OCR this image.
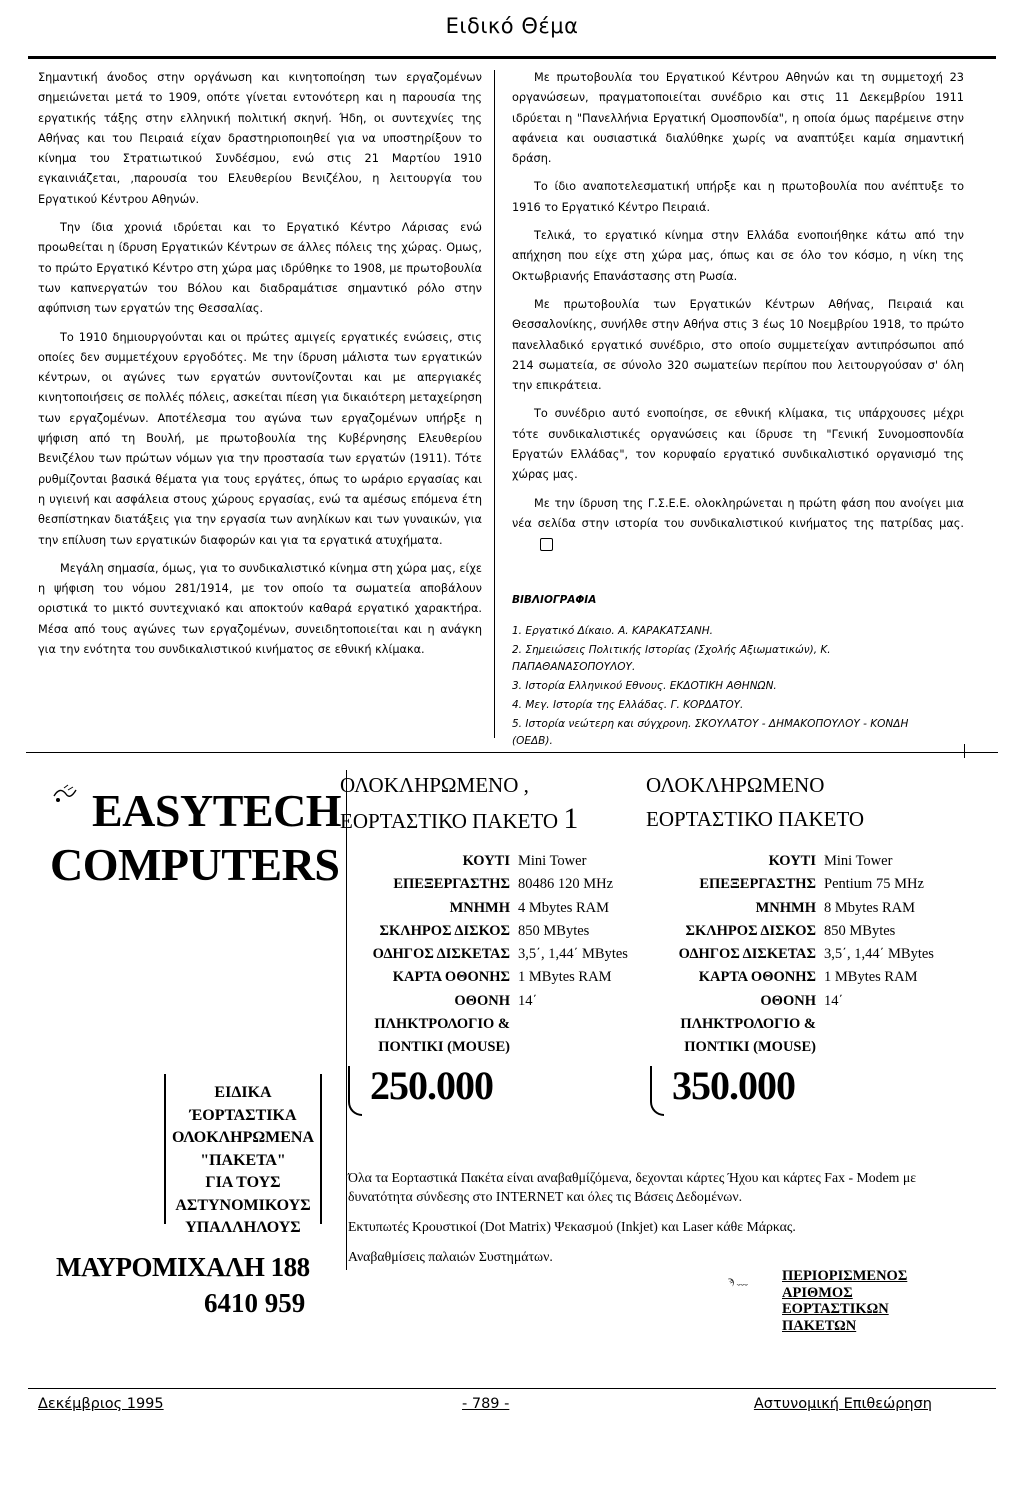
Ειδικό Θέμα

Σημαντική άνοδος στην οργάνωση και κινητοποίηση των εργαζομένων σημειώνεται μετά το 1909, οπότε γίνεται εντονότερη και η παρουσία της εργατικής τάξης στην ελληνική πολιτική σκηνή. Ήδη, οι συντεχνίες της Αθήνας και του Πειραιά είχαν δραστηριοποιηθεί για να υποστηρίξουν το κίνημα του Στρατιωτικού Συνδέσμου, ενώ στις 21 Μαρτίου 1910 εγκαινιάζεται, ,παρουσία του Ελευθερίου Βενιζέλου, η λειτουργία του Εργατικού Κέντρου Αθηνών.

Την ίδια χρονιά ιδρύεται και το Εργατικό Κέντρο Λάρισας ενώ προωθείται η ίδρυση Εργατικών Κέντρων σε άλλες πόλεις της χώρας. Ομως, το πρώτο Εργατικό Κέντρο στη χώρα μας ιδρύθηκε το 1908, με πρωτοβουλία των καπνεργατών του Βόλου και διαδραμάτισε σημαντικό ρόλο στην αφύπνιση των εργατών της Θεσσαλίας.

Το 1910 δημιουργούνται και οι πρώτες αμιγείς εργατικές ενώσεις, στις οποίες δεν συμμετέχουν εργοδότες. Με την ίδρυση μάλιστα των εργατικών κέντρων, οι αγώνες των εργατών συντονίζονται και με απεργιακές κινητοποιήσεις σε πολλές πόλεις, ασκείται πίεση για δικαιότερη μεταχείρηση των εργαζομένων. Αποτέλεσμα του αγώνα των εργαζομένων υπήρξε η ψήφιση από τη Βουλή, με πρωτοβουλία της Κυβέρνησης Ελευθερίου Βενιζέλου των πρώτων νόμων για την προστασία των εργατών (1911). Τότε ρυθμίζονται βασικά θέματα για τους εργάτες, όπως το ωράριο εργασίας και η υγιεινή και ασφάλεια στους χώρους εργασίας, ενώ τα αμέσως επόμενα έτη θεσπίστηκαν διατάξεις για την εργασία των ανηλίκων και των γυναικών, για την επίλυση των εργατικών διαφορών και για τα εργατικά ατυχήματα.

Μεγάλη σημασία, όμως, για το συνδικαλιστικό κίνημα στη χώρα μας, είχε η ψήφιση του νόμου 281/1914, με τον οποίο τα σωματεία αποβάλουν οριστικά το μικτό συντεχνιακό και αποκτούν καθαρά εργατικό χαρακτήρα. Μέσα από τους αγώνες των εργαζομένων, συνειδητοποιείται και η ανάγκη για την ενότητα του συνδικαλιστικού κινήματος σε εθνική κλίμακα.

Με πρωτοβουλία του Εργατικού Κέντρου Αθηνών και τη συμμετοχή 23 οργανώσεων, πραγματοποιείται συνέδριο και στις 11 Δεκεμβρίου 1911 ιδρύεται η "Πανελλήνια Εργατική Ομοσπονδία", η οποία όμως παρέμεινε στην αφάνεια και ουσιαστικά διαλύθηκε χωρίς να αναπτύξει καμία σημαντική δράση.

Το ίδιο αναποτελεσματική υπήρξε και η πρωτοβουλία που ανέπτυξε το 1916 το Εργατικό Κέντρο Πειραιά.

Τελικά, το εργατικό κίνημα στην Ελλάδα ενοποιήθηκε κάτω από την απήχηση που είχε στη χώρα μας, όπως και σε όλο τον κόσμο, η νίκη της Οκτωβριανής Επανάστασης στη Ρωσία.

Με πρωτοβουλία των Εργατικών Κέντρων Αθήνας, Πειραιά και Θεσσαλονίκης, συνήλθε στην Αθήνα στις 3 έως 10 Νοεμβρίου 1918, το πρώτο πανελλαδικό εργατικό συνέδριο, στο οποίο συμμετείχαν αντιπρόσωποι από 214 σωματεία, σε σύνολο 320 σωματείων περίπου που λειτουργούσαν σ' όλη την επικράτεια.

Το συνέδριο αυτό ενοποίησε, σε εθνική κλίμακα, τις υπάρχουσες μέχρι τότε συνδικαλιστικές οργανώσεις και ίδρυσε τη "Γενική Συνομοσπονδία Εργατών Ελλάδας", τον κορυφαίο εργατικό συνδικαλιστικό οργανισμό της χώρας μας.

Με την ίδρυση της Γ.Σ.Ε.Ε. ολοκληρώνεται η πρώτη φάση που ανοίγει μια νέα σελίδα στην ιστορία του συνδικαλιστικού κινήματος της πατρίδας μας.

ΒΙΒΛΙΟΓΡΑΦΙΑ
1. Εργατικό Δίκαιο. Α. ΚΑΡΑΚΑΤΣΑΝΗ.
2. Σημειώσεις Πολιτικής Ιστορίας (Σχολής Αξιωματικών), Κ. ΠΑΠΑΘΑΝΑΣΟΠΟΥΛΟΥ.
3. Ιστορία Ελληνικού Εθνους. ΕΚΔΟΤΙΚΗ ΑΘΗΝΩΝ.
4. Μεγ. Ιστορία της Ελλάδας. Γ. ΚΟΡΔΑΤΟΥ.
5. Ιστορία νεώτερη και σύγχρονη. ΣΚΟΥΛΑΤΟΥ - ΔΗΜΑΚΟΠΟΥΛΟΥ - ΚΟΝΔΗ (ΟΕΔΒ).
EASYTECH
COMPUTERS
ΕΙΔΙΚΑ
ΈΟΡΤΑΣΤΙΚΑ
ΟΛΟΚΛΗΡΩΜΕΝΑ
"ΠΑΚΕΤΑ"
ΓΙΑ ΤΟΥΣ
ΑΣΤΥΝΟΜΙΚΟΥΣ
ΥΠΑΛΛΗΛΟΥΣ
ΜΑΥΡΟΜΙΧΑΛΗ 188
6410 959
ΟΛΟΚΛΗΡΩΜΕΝΟ ,
ΕΟΡΤΑΣΤΙΚΟ ΠΑΚΕΤΟ 1
ΚΟΥΤΙ Mini Tower
ΕΠΕΞΕΡΓΑΣΤΗΣ 80486 120 MHz
ΜΝΗΜΗ 4 Mbytes RAM
ΣΚΛΗΡΟΣ ΔΙΣΚΟΣ 850 MBytes
ΟΔΗΓΟΣ ΔΙΣΚΕΤΑΣ 3,5΄, 1,44΄ MBytes
ΚΑΡΤΑ ΟΘΟΝΗΣ 1 MBytes RAM
ΟΘΟΝΗ 14΄
ΠΛΗΚΤΡΟΛΟΓΙΟ &
ΠΟΝΤΙΚΙ (MOUSE)
250.000
ΟΛΟΚΛΗΡΩΜΕΝΟ
ΕΟΡΤΑΣΤΙΚΟ ΠΑΚΕΤΟ
ΚΟΥΤΙ Mini Tower
ΕΠΕΞΕΡΓΑΣΤΗΣ Pentium 75 MHz
ΜΝΗΜΗ 8 Mbytes RAM
ΣΚΛΗΡΟΣ ΔΙΣΚΟΣ 850 MBytes
ΟΔΗΓΟΣ ΔΙΣΚΕΤΑΣ 3,5΄, 1,44΄ MBytes
ΚΑΡΤΑ ΟΘΟΝΗΣ 1 MBytes RAM
ΟΘΟΝΗ 14΄
ΠΛΗΚΤΡΟΛΟΓΙΟ &
ΠΟΝΤΙΚΙ (MOUSE)
350.000

Όλα τα Εορταστικά Πακέτα είναι αναβαθμίζόμενα, δεχονται κάρτες Ήχου και κάρτες Fax - Modem με δυνατότητα σύνδεσης στο INTERNET και όλες τις Βάσεις Δεδομένων.

Εκτυπωτές Κρουστικοί (Dot Matrix) Ψεκασμού (Inkjet) και Laser κάθε Μάρκας.

Αναβαθμίσεις παλαιών Συστημάτων.

ϡ ﹏ ΠΕΡΙΟΡΙΣΜΕΝΟΣ
ΑΡΙΘΜΟΣ
ΕΟΡΤΑΣΤΙΚΩΝ
ΠΑΚΕΤΩΝ
Δεκέμβριος 1995	- 789 -	Αστυνομική Επιθεώρηση
